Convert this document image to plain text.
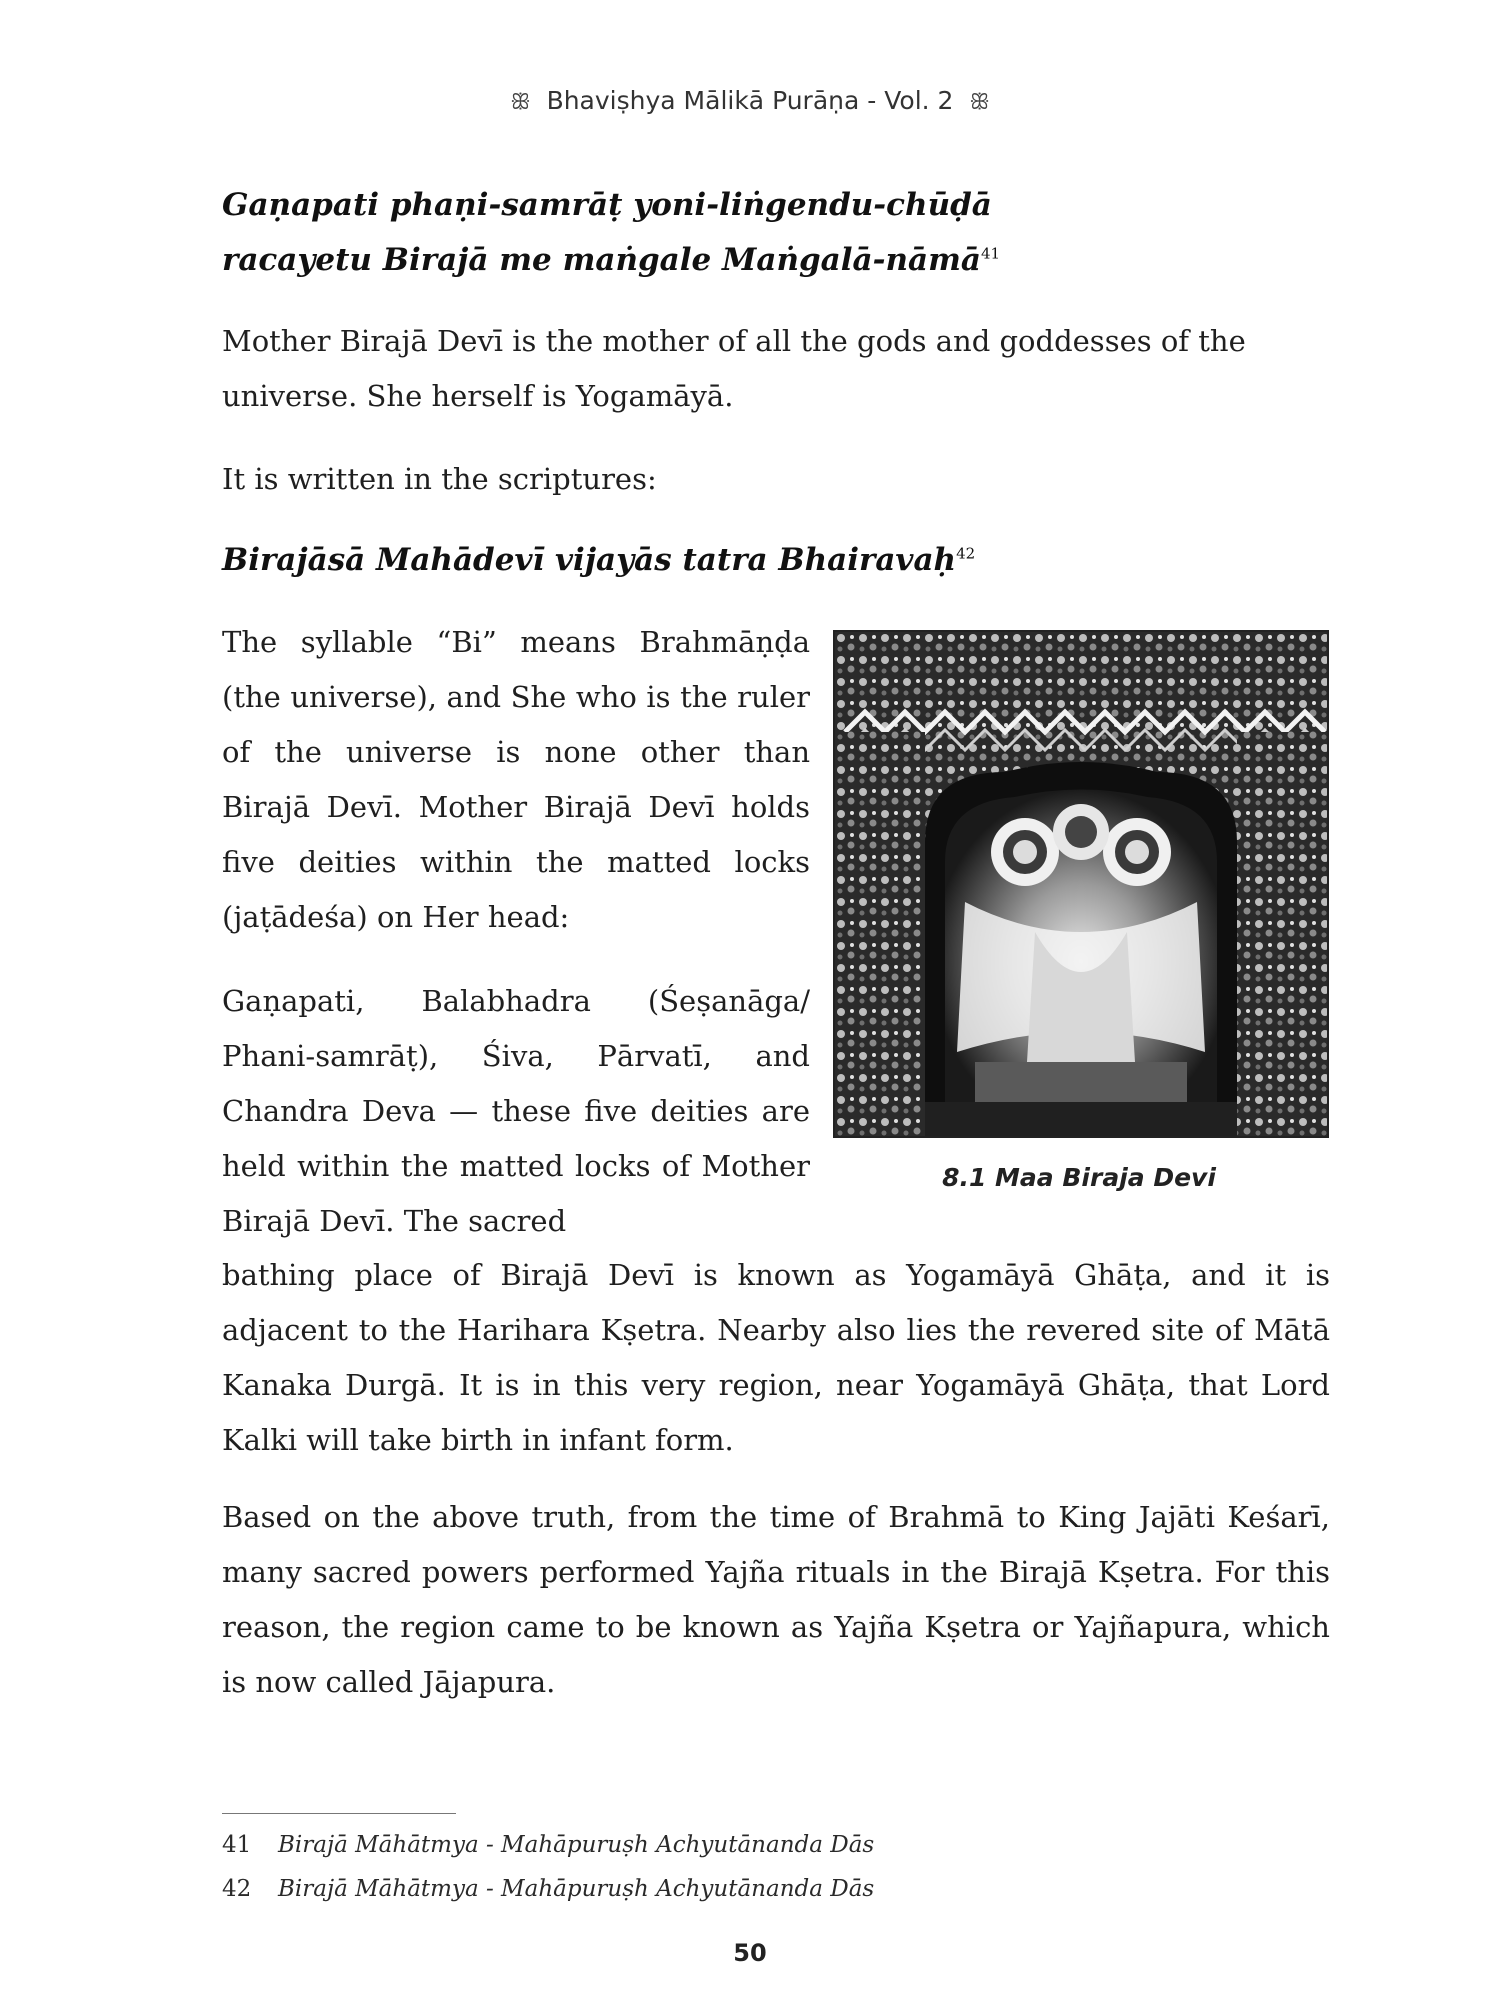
ꕥ Bhaviṣhya Mālikā Purāṇa - Vol. 2 ꕥ
Gaṇapati phaṇi-samrāṭ yoni-liṅgendu-chūḍā
racayetu Birajā me maṅgale Maṅgalā-nāmā$^{41}$
Mother Birajā Devī is the mother of all the gods and goddesses of the universe. She herself is Yogamāyā.
It is written in the scriptures:
Birajāsā Mahādevī vijayās tatra Bhairavaḥ$^{42}$
The syllable “Bi” means Brahmāṇḍa (the universe), and She who is the ruler of the universe is none other than Birajā Devī. Mother Birajā Devī holds five deities within the matted locks (jaṭādeśa) on Her head:
Gaṇapati, Balabhadra (Śeṣanāga/ Phani-samrāṭ), Śiva, Pārvatī, and Chandra Deva — these five deities are held within the matted locks of Mother Birajā Devī. The sacred
bathing place of Birajā Devī is known as Yogamāyā Ghāṭa, and it is adjacent to the Harihara Kṣetra. Nearby also lies the revered site of Mātā Kanaka Durgā. It is in this very region, near Yogamāyā Ghāṭa, that Lord Kalki will take birth in infant form.
Based on the above truth, from the time of Brahmā to King Jajāti Keśarī, many sacred powers performed Yajña rituals in the Birajā Kṣetra. For this reason, the region came to be known as Yajña Kṣetra or Yajñapura, which is now called Jājapura.
8.1 Maa Biraja Devi
41 Birajā Māhātmya - Mahāpuruṣh Achyutānanda Dās
42 Birajā Māhātmya - Mahāpuruṣh Achyutānanda Dās
50
